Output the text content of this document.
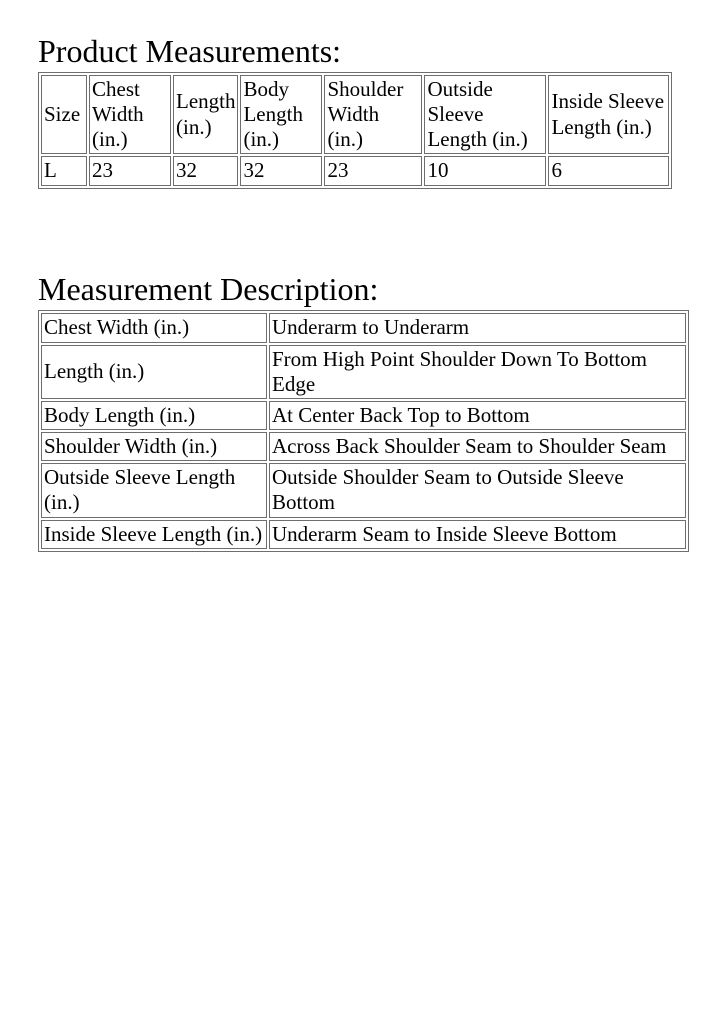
Product Measurements:
Size	Chest Width (in.)	Length (in.)	Body Length (in.)	Shoulder Width (in.)	Outside Sleeve Length (in.)	Inside Sleeve Length (in.)
L	23	32	32	23	10	6
Measurement Description:
Chest Width (in.)	Underarm to Underarm
Length (in.)	From High Point Shoulder Down To Bottom Edge
Body Length (in.)	At Center Back Top to Bottom
Shoulder Width (in.)	Across Back Shoulder Seam to Shoulder Seam
Outside Sleeve Length (in.)	Outside Shoulder Seam to Outside Sleeve Bottom
Inside Sleeve Length (in.)	Underarm Seam to Inside Sleeve Bottom
